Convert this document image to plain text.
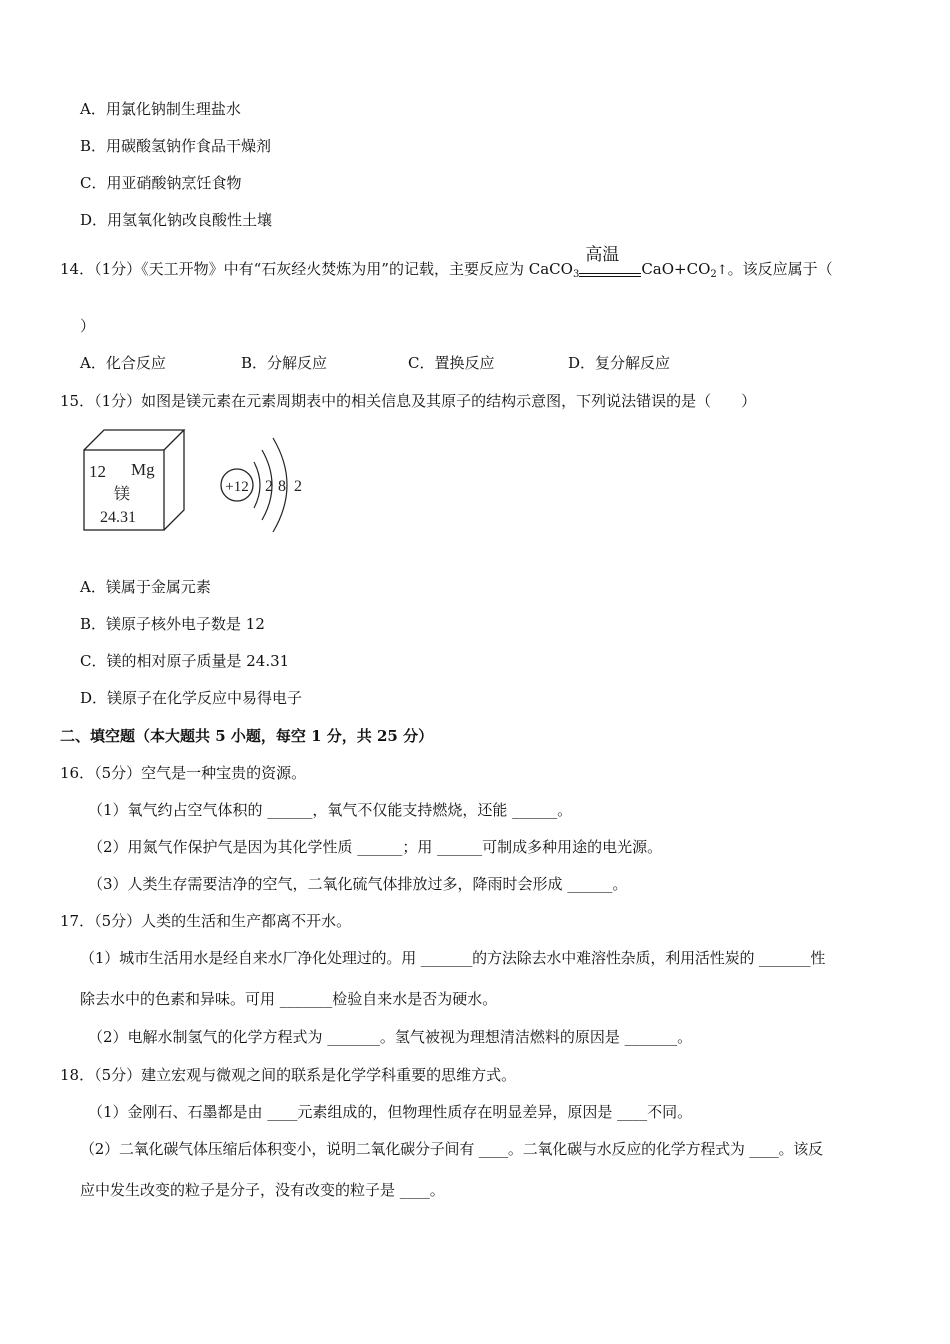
A．用氯化钠制生理盐水
B．用碳酸氢钠作食品干燥剂
C．用亚硝酸钠烹饪食物
D．用氢氧化钠改良酸性土壤
14．（1分）《天工开物》中有“石灰经火焚炼为用”的记载，主要反应为 CaCO$_3$
高温
$CaO+CO_2↑$。该反应属于（
）
A．化合反应	B．分解反应	C．置换反应	D．复分解反应
15．（1分）如图是镁元素在元素周期表中的相关信息及其原子的结构示意图，下列说法错误的是（　　）
12 Mg
镁
24.31
+12 2 8 2
A．镁属于金属元素
B．镁原子核外电子数是 12
C．镁的相对原子质量是 24.31
D．镁原子在化学反应中易得电子
二、填空题（本大题共 5 小题，每空 1 分，共 25 分）
16．（5分）空气是一种宝贵的资源。
（1）氧气约占空气体积的 ______，氧气不仅能支持燃烧，还能 ______。
（2）用氮气作保护气是因为其化学性质 ______；用 ______可制成多种用途的电光源。
（3）人类生存需要洁净的空气，二氧化硫气体排放过多，降雨时会形成 ______。
17．（5分）人类的生活和生产都离不开水。
（1）城市生活用水是经自来水厂净化处理过的。用 _______的方法除去水中难溶性杂质，利用活性炭的 _______性
除去水中的色素和异味。可用 _______检验自来水是否为硬水。
（2）电解水制氢气的化学方程式为 _______。氢气被视为理想清洁燃料的原因是 _______。
18．（5分）建立宏观与微观之间的联系是化学学科重要的思维方式。
（1）金刚石、石墨都是由 ____元素组成的，但物理性质存在明显差异，原因是 ____不同。
（2）二氧化碳气体压缩后体积变小，说明二氧化碳分子间有 ____。二氧化碳与水反应的化学方程式为 ____。该反
应中发生改变的粒子是分子，没有改变的粒子是 ____。
